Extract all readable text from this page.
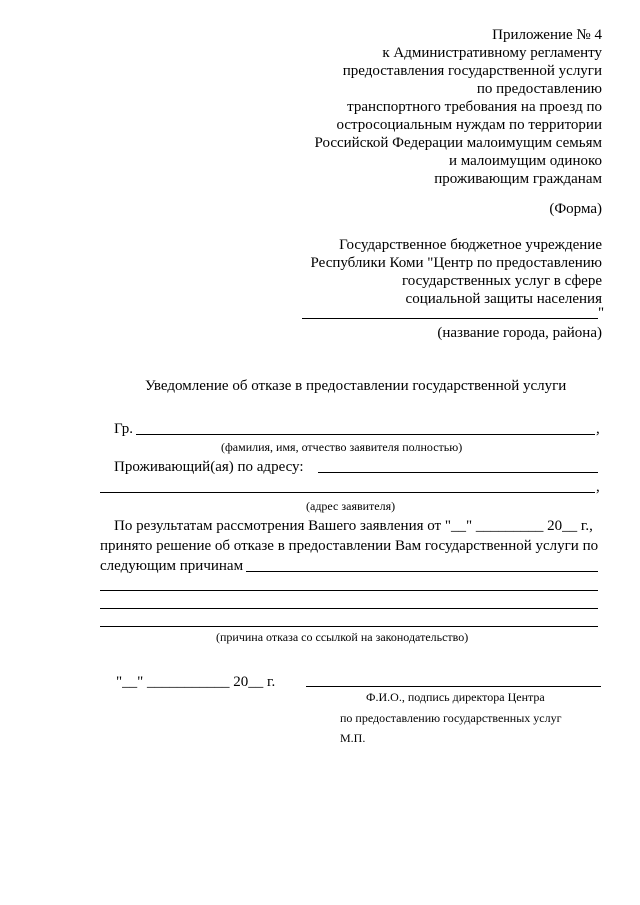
Приложение № 4
к Административному регламенту
предоставления государственной услуги
по предоставлению
транспортного требования на проезд по
остросоциальным нуждам по территории
Российской Федерации малоимущим семьям
и малоимущим одиноко
проживающим гражданам
(Форма)
Государственное бюджетное учреждение
Республики Коми "Центр по предоставлению
государственных услуг в сфере
социальной защиты населения
"
(название города, района)
Уведомление об отказе в предоставлении государственной услуги
Гр.	,
(фамилия, имя, отчество заявителя полностью)
Проживающий(ая) по адресу:
,
(адрес заявителя)
По результатам рассмотрения Вашего заявления от "__" _________ 20__ г.,
принято решение об отказе в предоставлении Вам государственной услуги по
следующим причинам
(причина отказа со ссылкой на законодательство)
"__" ___________ 20__ г.
Ф.И.О., подпись директора Центра
по предоставлению государственных услуг
М.П.
